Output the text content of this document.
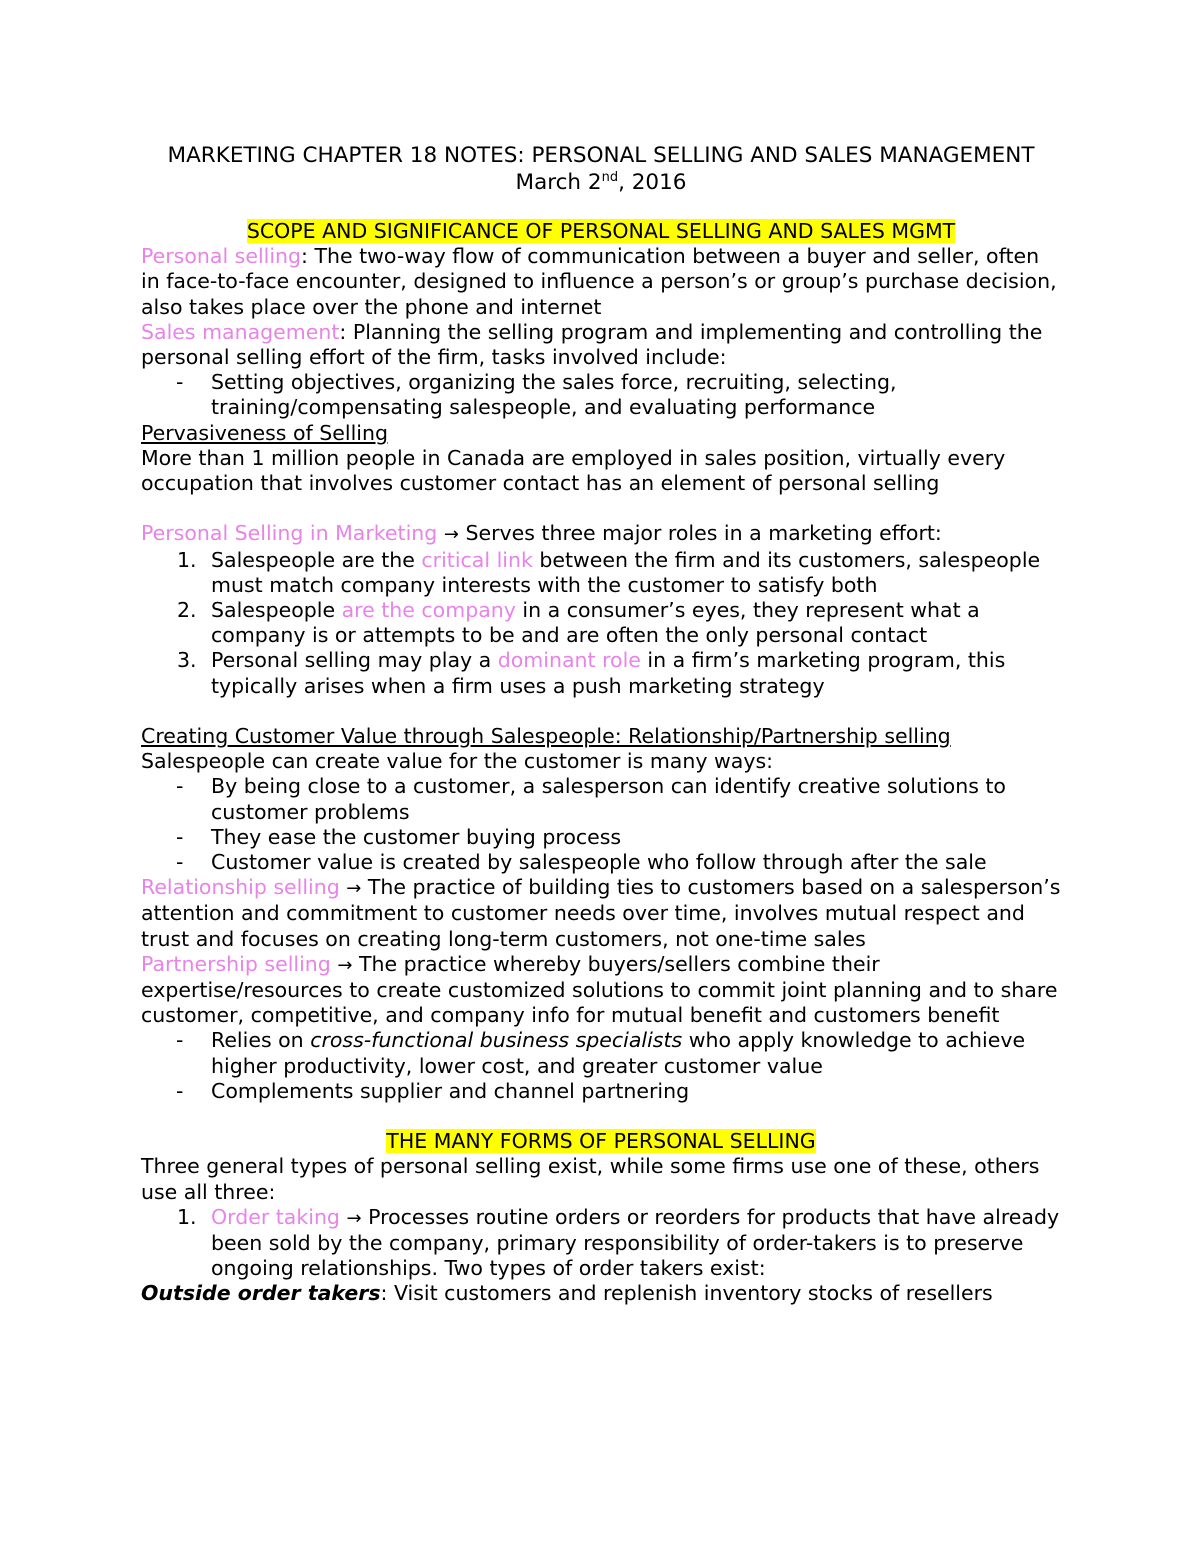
MARKETING CHAPTER 18 NOTES: PERSONAL SELLING AND SALES MANAGEMENT
March 2nd, 2016
SCOPE AND SIGNIFICANCE OF PERSONAL SELLING AND SALES MGMT
Personal selling: The two-way flow of communication between a buyer and seller, often in face-to-face encounter, designed to influence a person’s or group’s purchase decision, also takes place over the phone and internet
Sales management: Planning the selling program and implementing and controlling the personal selling effort of the firm, tasks involved include:
- Setting objectives, organizing the sales force, recruiting, selecting, training/compensating salespeople, and evaluating performance
Pervasiveness of Selling
More than 1 million people in Canada are employed in sales position, virtually every occupation that involves customer contact has an element of personal selling
Personal Selling in Marketing → Serves three major roles in a marketing effort:
1. Salespeople are the critical link between the firm and its customers, salespeople must match company interests with the customer to satisfy both
2. Salespeople are the company in a consumer’s eyes, they represent what a company is or attempts to be and are often the only personal contact
3. Personal selling may play a dominant role in a firm’s marketing program, this typically arises when a firm uses a push marketing strategy
Creating Customer Value through Salespeople: Relationship/Partnership selling
Salespeople can create value for the customer is many ways:
- By being close to a customer, a salesperson can identify creative solutions to customer problems
- They ease the customer buying process
- Customer value is created by salespeople who follow through after the sale
Relationship selling → The practice of building ties to customers based on a salesperson’s attention and commitment to customer needs over time, involves mutual respect and trust and focuses on creating long-term customers, not one-time sales
Partnership selling → The practice whereby buyers/sellers combine their expertise/resources to create customized solutions to commit joint planning and to share customer, competitive, and company info for mutual benefit and customers benefit
- Relies on cross-functional business specialists who apply knowledge to achieve higher productivity, lower cost, and greater customer value
- Complements supplier and channel partnering
THE MANY FORMS OF PERSONAL SELLING
Three general types of personal selling exist, while some firms use one of these, others use all three:
1. Order taking → Processes routine orders or reorders for products that have already been sold by the company, primary responsibility of order-takers is to preserve ongoing relationships. Two types of order takers exist:
Outside order takers: Visit customers and replenish inventory stocks of resellers
